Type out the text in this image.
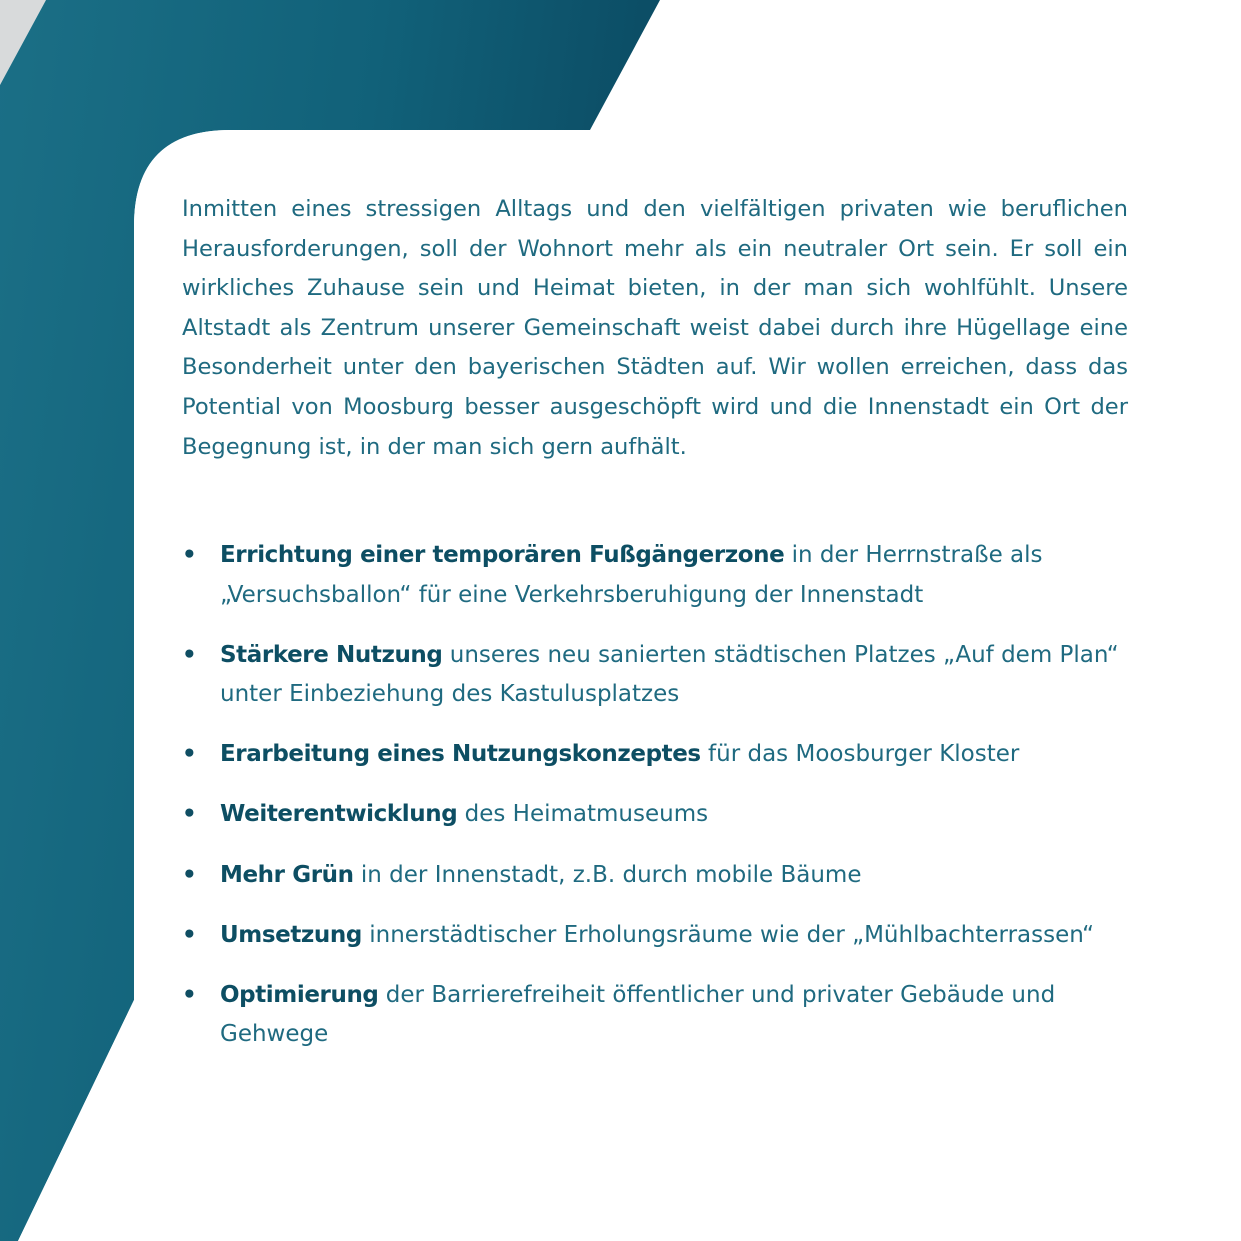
Inmitten eines stressigen Alltags und den vielfältigen privaten wie beruflichen Herausforderungen, soll der Wohnort mehr als ein neutraler Ort sein. Er soll ein wirkliches Zuhause sein und Heimat bieten, in der man sich wohlfühlt. Unsere Altstadt als Zentrum unserer Gemeinschaft weist dabei durch ihre Hügellage eine Besonderheit unter den bayerischen Städten auf. Wir wollen erreichen, dass das Potential von Moosburg besser ausgeschöpft wird und die Innenstadt ein Ort der Begegnung ist, in der man sich gern aufhält.

• Errichtung einer temporären Fußgängerzone in der Herrnstraße als „Versuchsballon“ für eine Verkehrsberuhigung der Innenstadt
• Stärkere Nutzung unseres neu sanierten städtischen Platzes „Auf dem Plan“ unter Einbeziehung des Kastulusplatzes
• Erarbeitung eines Nutzungskonzeptes für das Moosburger Kloster
• Weiterentwicklung des Heimatmuseums
• Mehr Grün in der Innenstadt, z.B. durch mobile Bäume
• Umsetzung innerstädtischer Erholungsräume wie der „Mühlbachterrassen“
• Optimierung der Barrierefreiheit öffentlicher und privater Gebäude und Gehwege
